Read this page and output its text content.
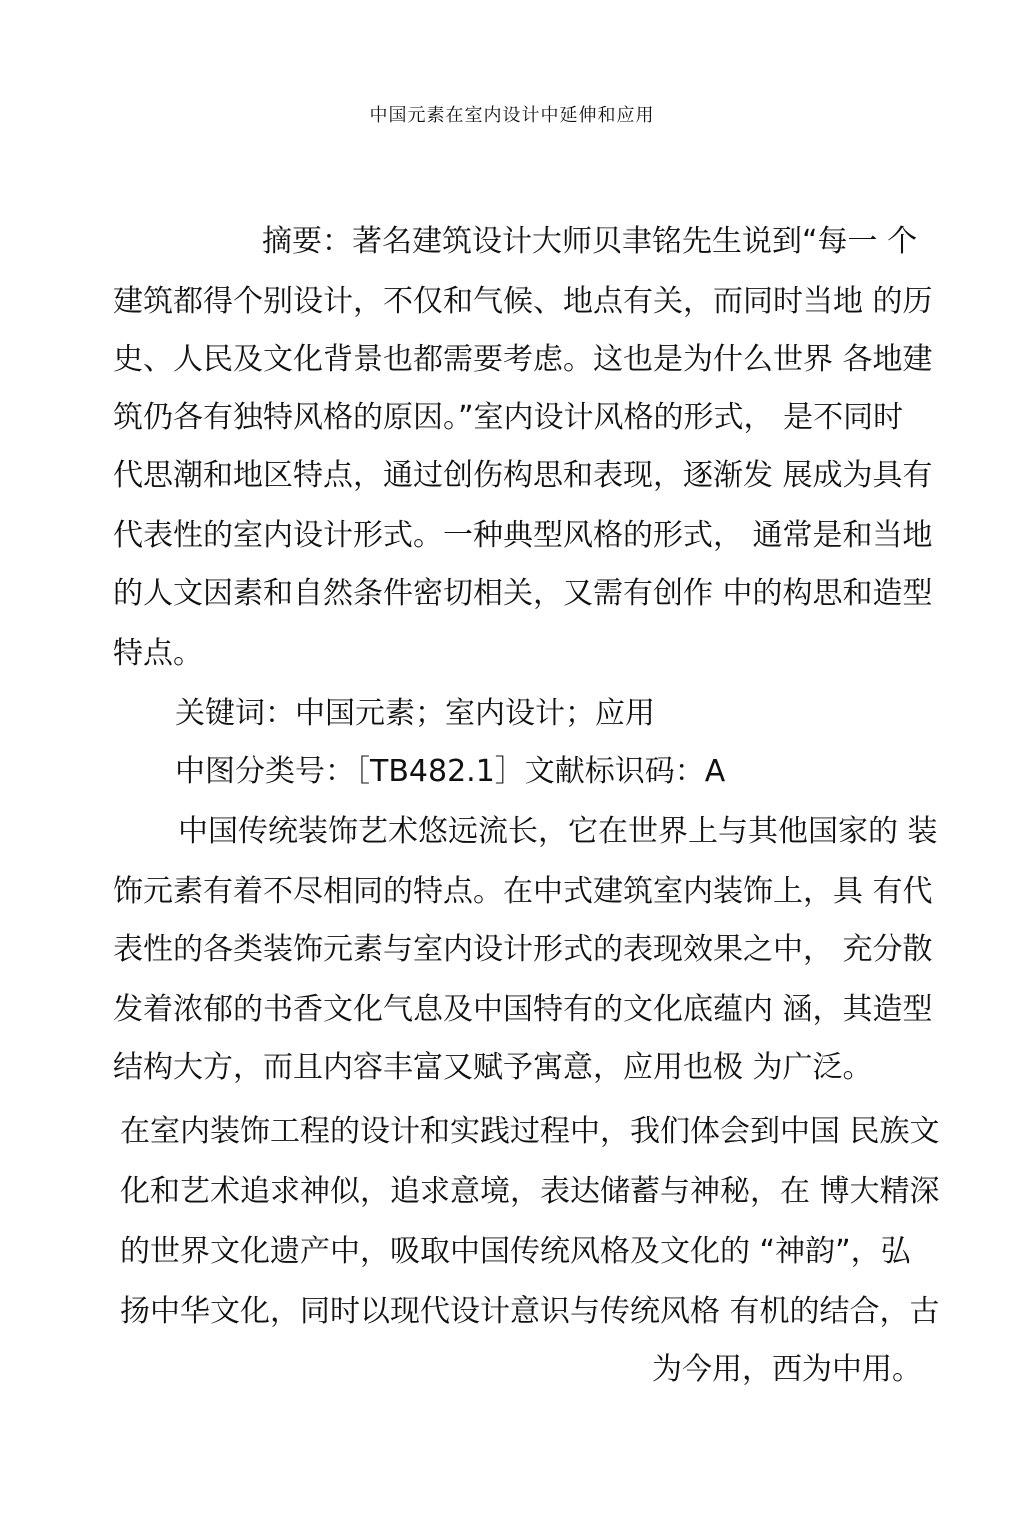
中国元素在室内设计中延伸和应用
摘要：著名建筑设计大师贝聿铭先生说到“每一 个
建筑都得个别设计，不仅和气候、地点有关，而同时当地 的历
史、人民及文化背景也都需要考虑。这也是为什么世界 各地建
筑仍各有独特风格的原因。”室内设计风格的形式， 是不同时
代思潮和地区特点，通过创伤构思和表现，逐渐发 展成为具有
代表性的室内设计形式。一种典型风格的形式， 通常是和当地
的人文因素和自然条件密切相关，又需有创作 中的构思和造型
特点。
关键词：中国元素；室内设计；应用
中图分类号：［TB482.1］文献标识码：A
中国传统装饰艺术悠远流长，它在世界上与其他国家的 装
饰元素有着不尽相同的特点。在中式建筑室内装饰上，具 有代
表性的各类装饰元素与室内设计形式的表现效果之中， 充分散
发着浓郁的书香文化气息及中国特有的文化底蕴内 涵，其造型
结构大方，而且内容丰富又赋予寓意，应用也极 为广泛。
在室内装饰工程的设计和实践过程中，我们体会到中国 民族文
化和艺术追求神似，追求意境，表达储蓄与神秘，在 博大精深
的世界文化遗产中，吸取中国传统风格及文化的 “神韵”，弘
扬中华文化，同时以现代设计意识与传统风格 有机的结合，古
为今用，西为中用。
